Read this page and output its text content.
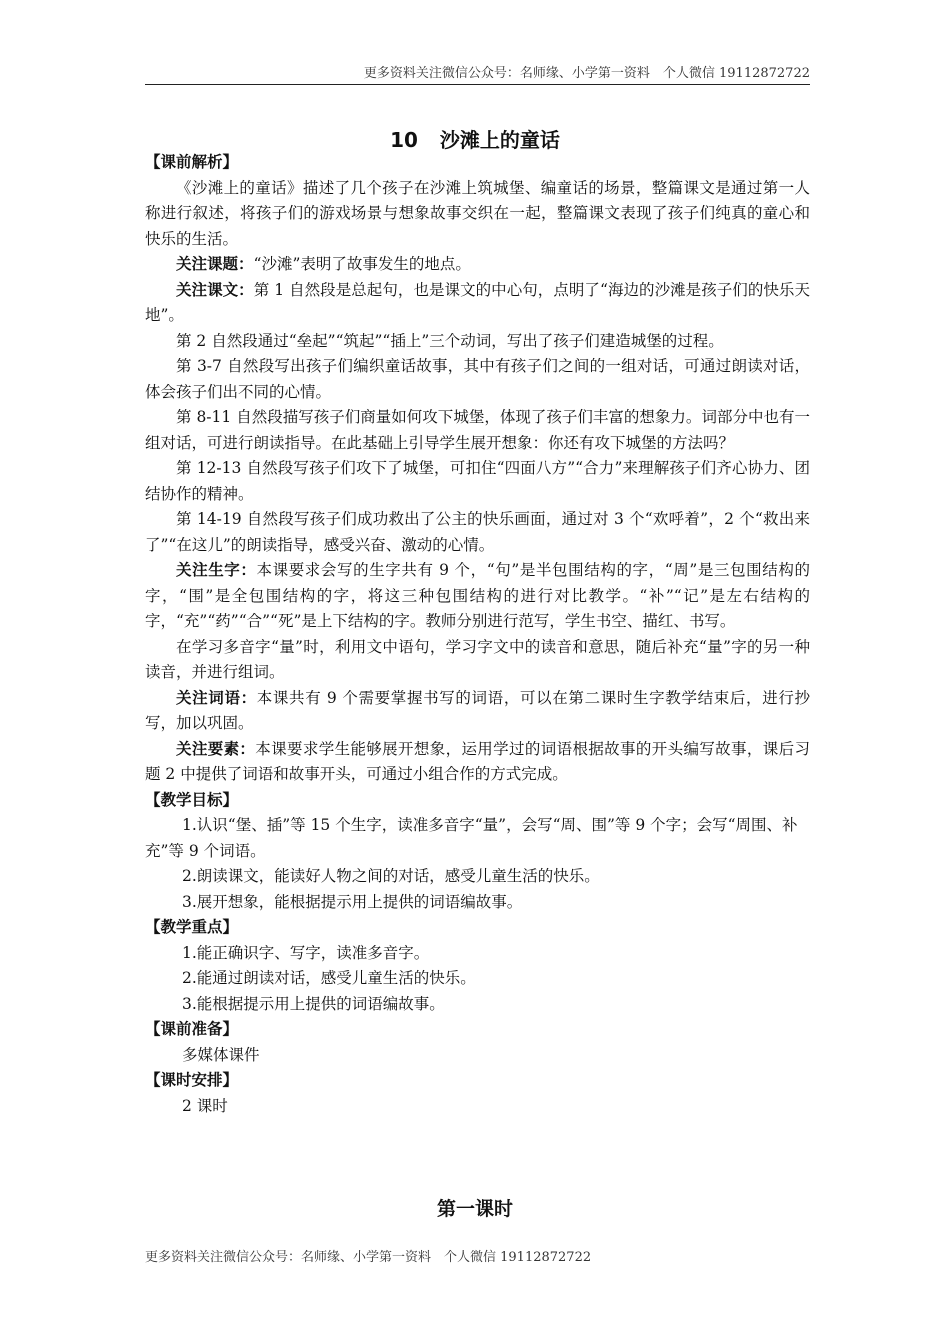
更多资料关注微信公众号：名师缘、小学第一资料　个人微信 19112872722
10 沙滩上的童话

【课前解析】

《沙滩上的童话》描述了几个孩子在沙滩上筑城堡、编童话的场景，整篇课文是通过第一人称进行叙述，将孩子们的游戏场景与想象故事交织在一起，整篇课文表现了孩子们纯真的童心和快乐的生活。

关注课题：“沙滩”表明了故事发生的地点。

关注课文：第 1 自然段是总起句，也是课文的中心句，点明了“海边的沙滩是孩子们的快乐天地”。

第 2 自然段通过“垒起”“筑起”“插上”三个动词，写出了孩子们建造城堡的过程。

第 3-7 自然段写出孩子们编织童话故事，其中有孩子们之间的一组对话，可通过朗读对话，体会孩子们出不同的心情。

第 8-11 自然段描写孩子们商量如何攻下城堡，体现了孩子们丰富的想象力。词部分中也有一组对话，可进行朗读指导。在此基础上引导学生展开想象：你还有攻下城堡的方法吗？

第 12-13 自然段写孩子们攻下了城堡，可扣住“四面八方”“合力”来理解孩子们齐心协力、团结协作的精神。

第 14-19 自然段写孩子们成功救出了公主的快乐画面，通过对 3 个“欢呼着”，2 个“救出来了”“在这儿”的朗读指导，感受兴奋、激动的心情。

关注生字：本课要求会写的生字共有 9 个，“句”是半包围结构的字，“周”是三包围结构的字，“围”是全包围结构的字，将这三种包围结构的进行对比教学。“补”“记”是左右结构的字，“充”“药”“合”“死”是上下结构的字。教师分别进行范写，学生书空、描红、书写。

在学习多音字“量”时，利用文中语句，学习字文中的读音和意思，随后补充“量”字的另一种读音，并进行组词。

关注词语：本课共有 9 个需要掌握书写的词语，可以在第二课时生字教学结束后，进行抄写，加以巩固。

关注要素：本课要求学生能够展开想象，运用学过的词语根据故事的开头编写故事，课后习题 2 中提供了词语和故事开头，可通过小组合作的方式完成。

【教学目标】

1.认识“堡、插”等 15 个生字，读准多音字“量”，会写“周、围”等 9 个字；会写“周围、补充”等 9 个词语。

2.朗读课文，能读好人物之间的对话，感受儿童生活的快乐。

3.展开想象，能根据提示用上提供的词语编故事。

【教学重点】

1.能正确识字、写字，读准多音字。

2.能通过朗读对话，感受儿童生活的快乐。

3.能根据提示用上提供的词语编故事。

【课前准备】

多媒体课件

【课时安排】

2 课时

第一课时
更多资料关注微信公众号：名师缘、小学第一资料　个人微信 19112872722
